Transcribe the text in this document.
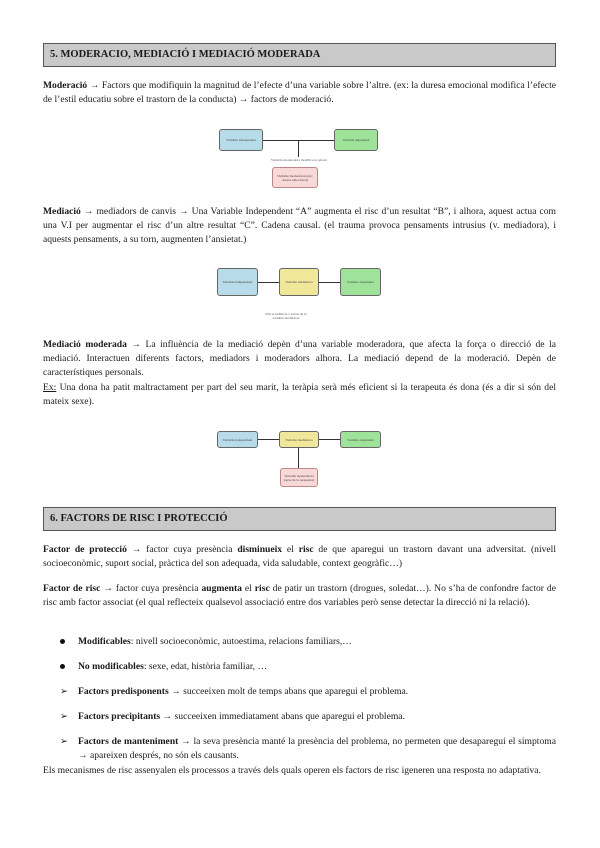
5. MODERACIO, MEDIACIÓ I MEDIACIÓ MODERADA
Moderació → Factors que modifiquin la magnitud de l’efecte d’una variable sobre l’altre. (ex: la duresa emocional modifica l’efecte de l’estil educatiu sobre el trastorn de la conducta) → factors de moderació.
Variable independent	Variable dependent
Variable moderadora modifica la relació
Variable moderadora (ex: duresa emocional)
Mediació → mediadors de canvis → Una Variable Independent “A” augmenta el risc d’un resultat “B”, i alhora, aquest actua com una V.I per augmentar el risc d’un altre resultat “C”. Cadena causal. (el trauma provoca pensaments intrusius (v. mediadora), i aquests pensaments, a su torn, augmenten l’ansietat.)
Variable independent	Variable mediadora	Variable dependent
Efecte indirecte a través de la variable mediadora
Mediació moderada → La influència de la mediació depèn d’una variable moderadora, que afecta la força o direcció de la mediació. Interactuen diferents factors, mediadors i moderadors alhora. La mediació depend de la moderació. Depèn de característiques personals.
Ex: Una dona ha patit maltractament per part del seu marit, la teràpia serà més eficient si la terapeuta és dona (és a dir si són del mateix sexe).
Variable independent	Variable mediadora	Variable dependent
Variable moderadora (sexe de la terapeuta)
6. FACTORS DE RISC I PROTECCIÓ
Factor de protecció → factor cuya presència disminueix el risc de que aparegui un trastorn davant una adversitat. (nivell socioeconòmic, suport social, pràctica del son adequada, vida saludable, context geogràfic…)
Factor de risc → factor cuya presència augmenta el risc de patir un trastorn (drogues, soledat…). No s’ha de confondre factor de risc amb factor associat (el qual reflecteix qualsevol associació entre dos variables però sense detectar la direcció ni la relació).
Modificables: nivell socioeconòmic, autoestima, relacions familiars,…
No modificables: sexe, edat, història familiar, …
➢	Factors predisponents → succeeixen molt de temps abans que aparegui el problema.
➢	Factors precipitants → succeeixen immediatament abans que aparegui el problema.
➢	Factors de manteniment → la seva presència manté la presència del problema, no permeten que desaparegui el símptoma → apareixen després, no són els causants.
Els mecanismes de risc assenyalen els processos a través dels quals operen els factors de risc igeneren una resposta no adaptativa.
